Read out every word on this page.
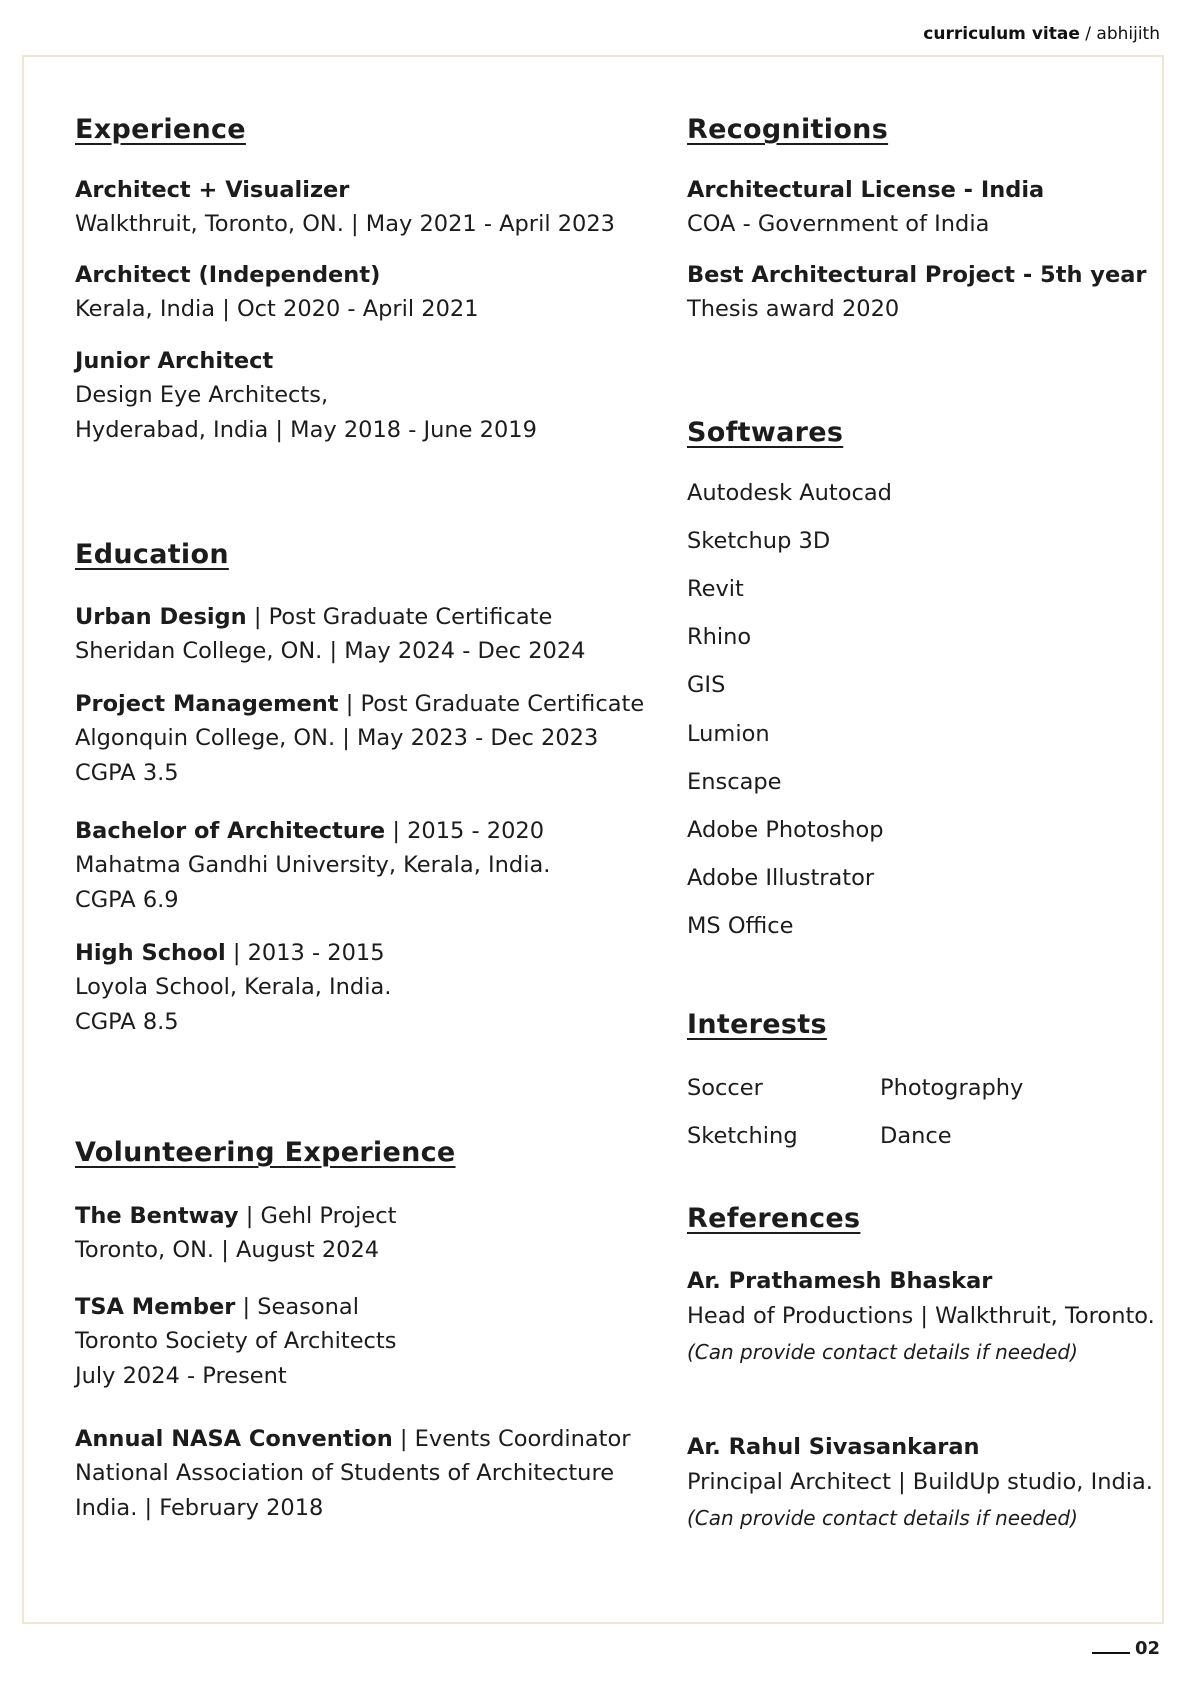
curriculum vitae / abhijith
Experience
Architect + Visualizer
Walkthruit, Toronto, ON. | May 2021 - April 2023
Architect (Independent)
Kerala, India | Oct 2020 - April 2021
Junior Architect
Design Eye Architects,
Hyderabad, India | May 2018 - June 2019
Education
Urban Design | Post Graduate Certificate
Sheridan College, ON. | May 2024 - Dec 2024
Project Management | Post Graduate Certificate
Algonquin College, ON. | May 2023 - Dec 2023
CGPA 3.5
Bachelor of Architecture | 2015 - 2020
Mahatma Gandhi University, Kerala, India.
CGPA 6.9
High School | 2013 - 2015
Loyola School, Kerala, India.
CGPA 8.5
Volunteering Experience
The Bentway | Gehl Project
Toronto, ON. | August 2024
TSA Member | Seasonal
Toronto Society of Architects
July 2024 - Present
Annual NASA Convention | Events Coordinator
National Association of Students of Architecture
India. | February 2018
Recognitions
Architectural License - India
COA - Government of India
Best Architectural Project - 5th year
Thesis award 2020
Softwares
Autodesk Autocad
Sketchup 3D
Revit
Rhino
GIS
Lumion
Enscape
Adobe Photoshop
Adobe Illustrator
MS Office
Interests
Soccer	Photography
Sketching	Dance
References
Ar. Prathamesh Bhaskar
Head of Productions | Walkthruit, Toronto.
(Can provide contact details if needed)
Ar. Rahul Sivasankaran
Principal Architect | BuildUp studio, India.
(Can provide contact details if needed)
02
